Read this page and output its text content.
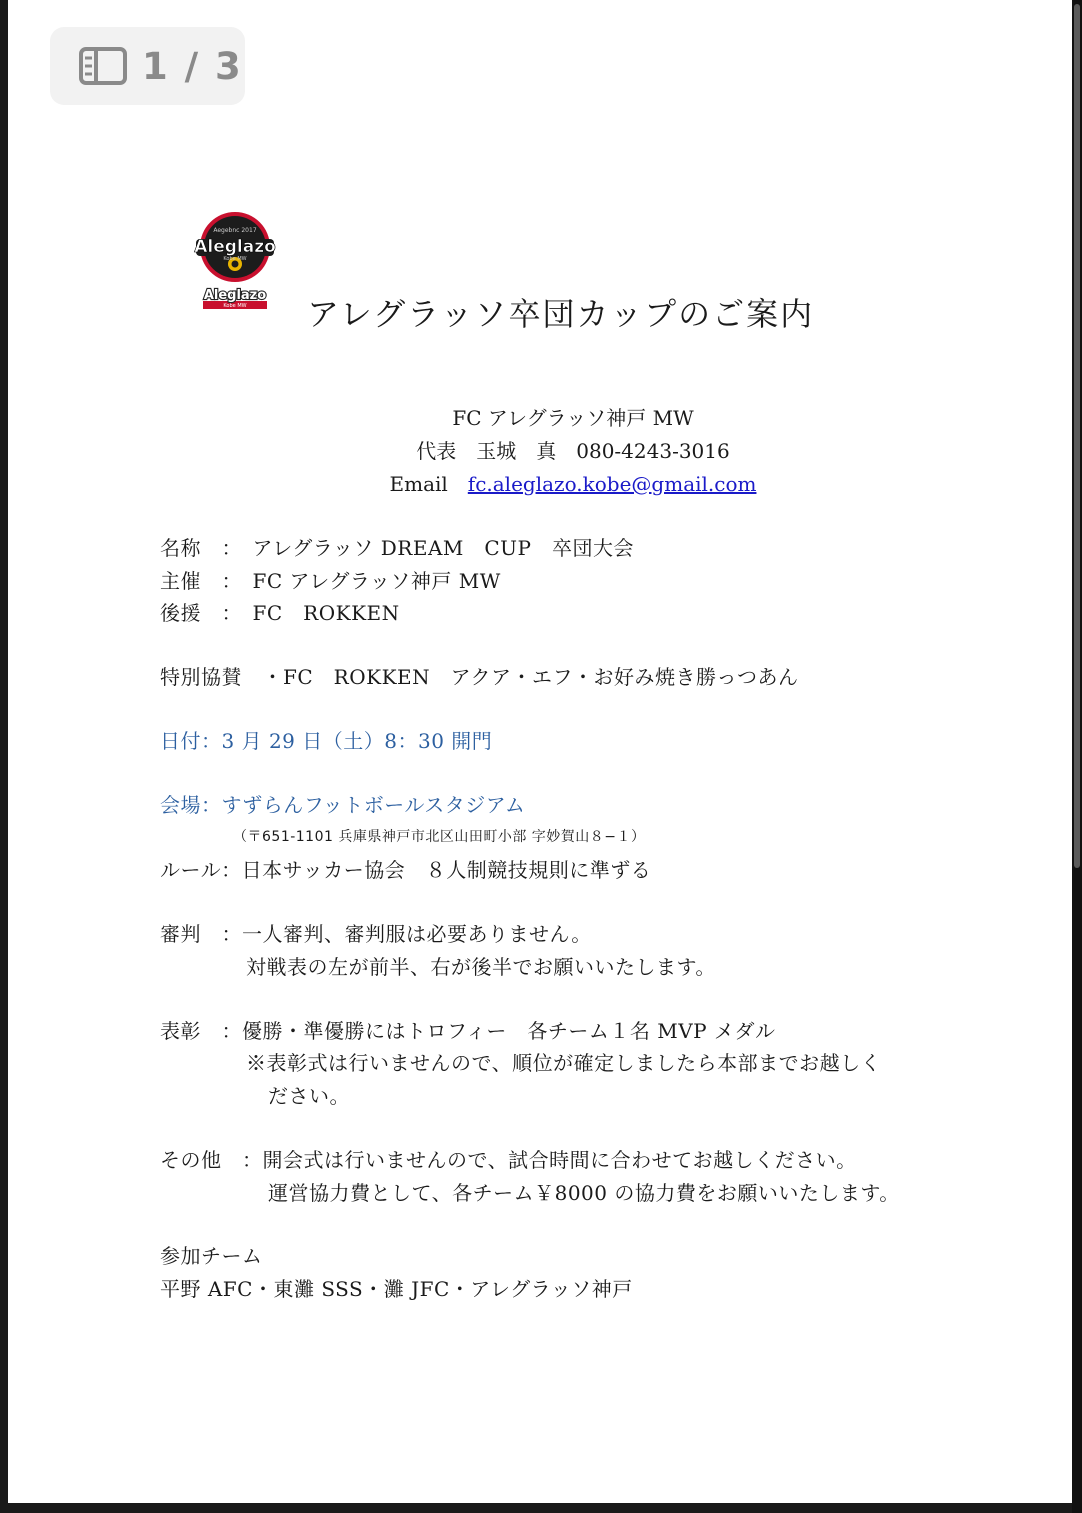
1 / 3
Aegebnc 2017
Aleglazo
Kobe MW
Aleglazo
Kobe MW	アレグラッソ卒団カップのご案内
FC アレグラッソ神戸 MW
代表　玉城　真　080-4243-3016
Email　 fc.aleglazo.kobe@gmail.com
名称　：　アレグラッソ DREAM　CUP　卒団大会
主催　：　FC アレグラッソ神戸 MW
後援　：　FC　ROKKEN
特別協賛　・FC　ROKKEN　アクア・エフ・お好み焼き勝っつあん
日付：3 月 29 日（土）8：30 開門
会場：すずらんフットボールスタジアム
（〒651-1101 兵庫県神戸市北区山田町小部 字妙賀山８−１）
ルール：日本サッカー協会　８人制競技規則に準ずる
審判　：一人審判、審判服は必要ありません。
対戦表の左が前半、右が後半でお願いいたします。
表彰　：優勝・準優勝にはトロフィー　各チーム１名 MVP メダル
※表彰式は行いませんので、順位が確定しましたら本部までお越しく
ださい。
その他　：開会式は行いませんので、試合時間に合わせてお越しください。
運営協力費として、各チーム￥8000 の協力費をお願いいたします。
参加チーム
平野 AFC・東灘 SSS・灘 JFC・アレグラッソ神戸
